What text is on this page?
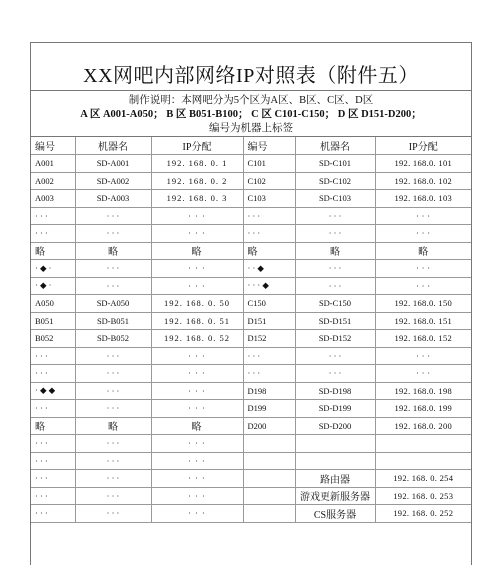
XX网吧内部网络IP对照表（附件五）
制作说明：本网吧分为5个区为A区、B区、C区、D区
A 区 A001-A050； B 区 B051-B100； C 区 C101-C150； D 区 D151-D200；
编号为机器上标签
编号	机器名	IP分配	编号	机器名	IP分配
A001	SD-A001	192. 168. 0. 1	C101	SD-C101	192. 168.0. 101
A002	SD-A002	192. 168. 0. 2	C102	SD-C102	192. 168.0. 102
A003	SD-A003	192. 168. 0. 3	C103	SD-C103	192. 168.0. 103
· · ·	· · ·	· · ·	· · ·	· · ·	· · ·
· · ·	· · ·	· · ·	· · ·	· · ·	· · ·
略	略	略	略	略	略
· ◆ ·	· · ·	· · ·	· · ◆	· · ·	· · ·
· ◆ ·	· · ·	· · ·	· · · ◆	· · ·	· · ·
A050	SD-A050	192. 168. 0. 50	C150	SD-C150	192. 168.0. 150
B051	SD-B051	192. 168. 0. 51	D151	SD-D151	192. 168.0. 151
B052	SD-B052	192. 168. 0. 52	D152	SD-D152	192. 168.0. 152
· · ·	· · ·	· · ·	· · ·	· · ·	· · ·
· · ·	· · ·	· · ·	· · ·	· · ·	· · ·
· ◆ ◆	· · ·	· · ·	D198	SD-D198	192. 168.0. 198
· · ·	· · ·	· · ·	D199	SD-D199	192. 168.0. 199
略	略	略	D200	SD-D200	192. 168.0. 200
· · ·	· · ·	· · ·			
· · ·	· · ·	· · ·			
· · ·	· · ·	· · ·		路由器	192. 168. 0. 254
· · ·	· · ·	· · ·		游戏更新服务器	192. 168. 0. 253
· · ·	· · ·	· · ·		CS服务器	192. 168. 0. 252
